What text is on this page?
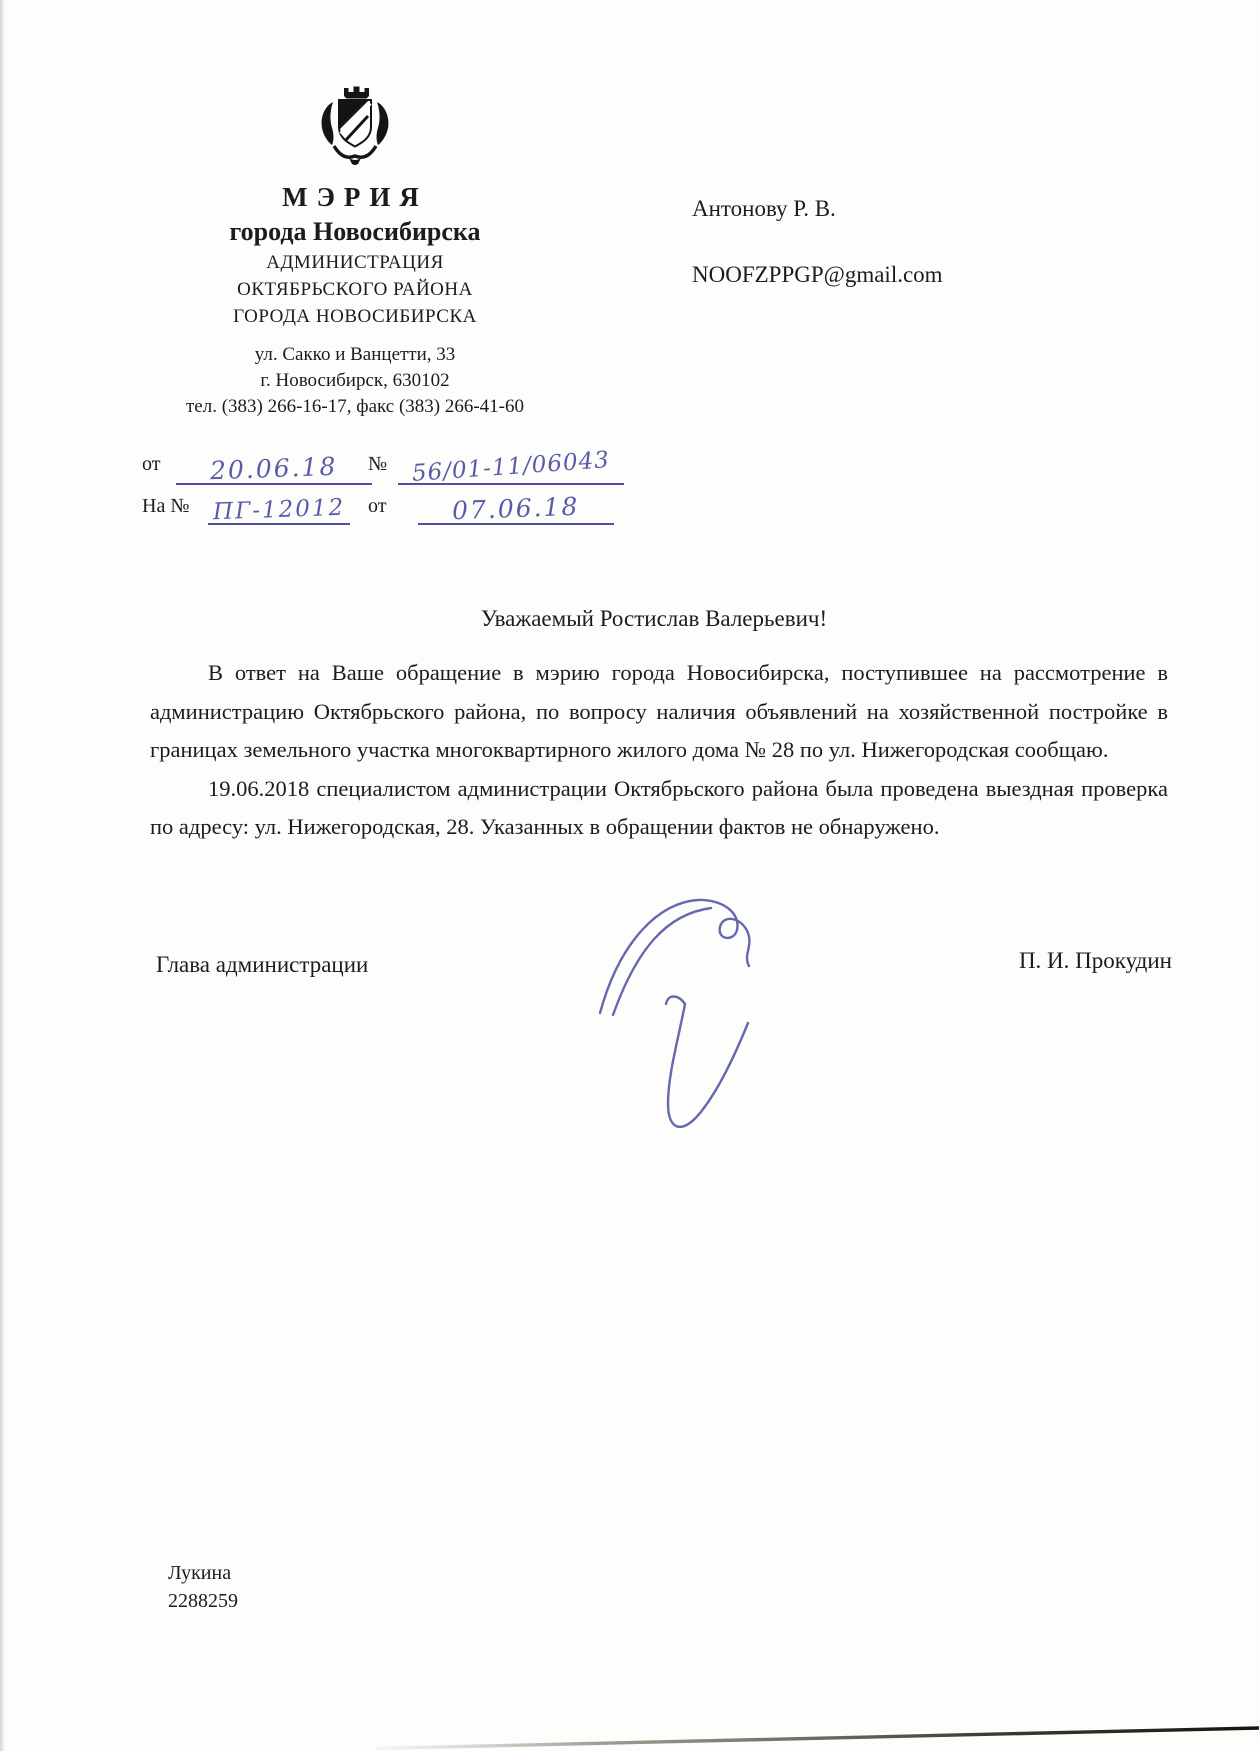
МЭРИЯ
города Новосибирска
АДМИНИСТРАЦИЯ
ОКТЯБРЬСКОГО РАЙОНА
ГОРОДА НОВОСИБИРСКА
ул. Сакко и Ванцетти, 33
г. Новосибирск, 630102
тел. (383) 266-16-17, факс (383) 266-41-60
от 20.06.18 № 56/01-11/06043
На № ПГ-12012 от	07.06.18
Антонову Р. В.
NOOFZPPGP@gmail.com
Уважаемый Ростислав Валерьевич!

В ответ на Ваше обращение в мэрию города Новосибирска, поступившее на рассмотрение в администрацию Октябрьского района, по вопросу наличия объявлений на хозяйственной постройке в границах земельного участка многоквартирного жилого дома № 28 по ул. Нижегородская сообщаю.

19.06.2018 специалистом администрации Октябрьского района была проведена выездная проверка по адресу: ул. Нижегородская, 28. Указанных в обращении фактов не обнаружено.

Глава администрации	П. И. Прокудин
Лукина
2288259
